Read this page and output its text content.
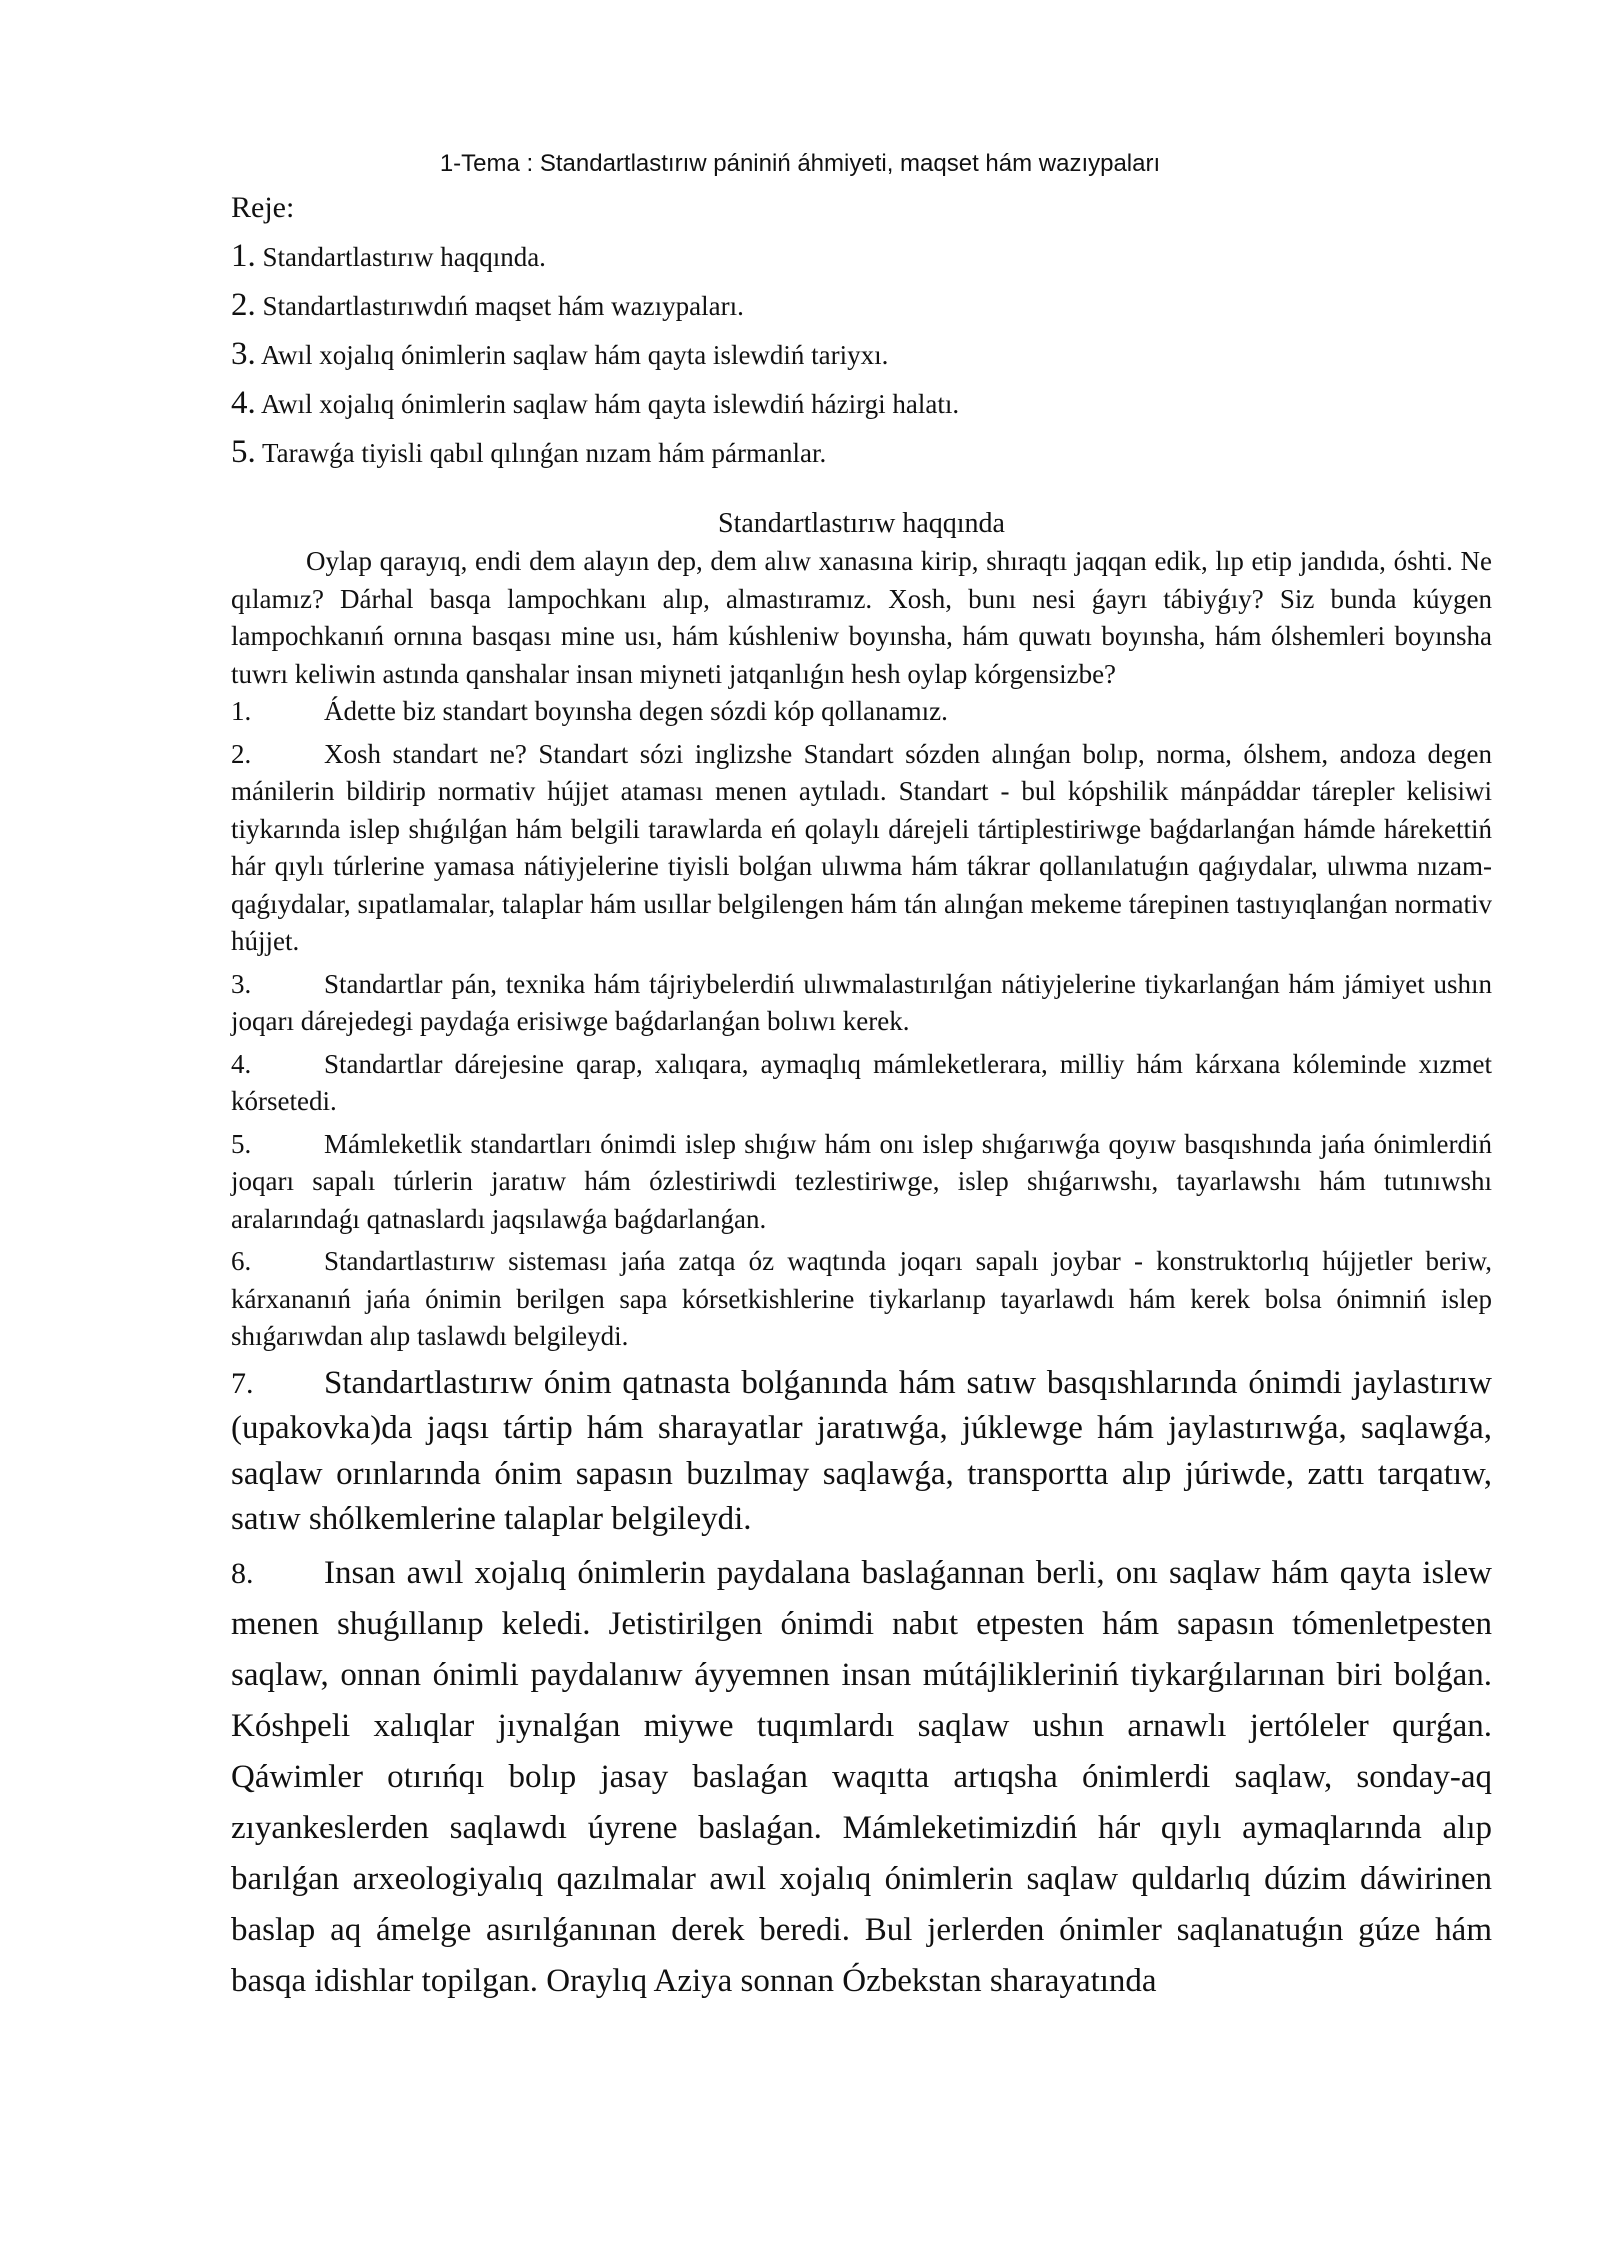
1-Tema : Standartlastırıw pániniń áhmiyeti, maqset hám wazıypaları
Reje:
1. Standartlastırıw haqqında.
2. Standartlastırıwdıń maqset hám wazıypaları.
3. Awıl xojalıq ónimlerin saqlaw hám qayta islewdiń tariyxı.
4. Awıl xojalıq ónimlerin saqlaw hám qayta islewdiń házirgi halatı.
5. Tarawǵa tiyisli qabıl qılınǵan nızam hám pármanlar.

Standartlastırıw haqqında

Oylap qarayıq, endi dem alayın dep, dem alıw xanasına kirip, shıraqtı jaqqan edik, lıp etip jandıda, óshti. Ne qılamız? Dárhal basqa lampochkanı alıp, almastıramız. Xosh, bunı nesi ǵayrı tábiyǵıy? Siz bunda kúygen lampochkanıń ornına basqası mine usı, hám kúshleniw boyınsha, hám quwatı boyınsha, hám ólshemleri boyınsha tuwrı keliwin astında qanshalar insan miyneti jatqanlıǵın hesh oylap kórgensizbe?

1.	Ádette biz standart boyınsha degen sózdi kóp qollanamız.

2.	Xosh standart ne? Standart sózi inglizshe Standart sózden alınǵan bolıp, norma, ólshem, andoza degen mánilerin bildirip normativ hújjet ataması menen aytıladı. Standart - bul kópshilik mánpáddar tárepler kelisiwi tiykarında islep shıǵılǵan hám belgili tarawlarda eń qolaylı dárejeli tártiplestiriwge baǵdarlanǵan hámde hárekettiń hár qıylı túrlerine yamasa nátiyjelerine tiyisli bolǵan ulıwma hám tákrar qollanılatuǵın qaǵıydalar, ulıwma nızam-qaǵıydalar, sıpatlamalar, talaplar hám usıllar belgilengen hám tán alınǵan mekeme tárepinen tastıyıqlanǵan normativ hújjet.

3.	Standartlar pán, texnika hám tájriybelerdiń ulıwmalastırılǵan nátiyjelerine tiykarlanǵan hám jámiyet ushın joqarı dárejedegi paydaǵa erisiwge baǵdarlanǵan bolıwı kerek.

4.	Standartlar dárejesine qarap, xalıqara, aymaqlıq mámleketlerara, milliy hám kárxana kóleminde xızmet kórsetedi.

5.	Mámleketlik standartları ónimdi islep shıǵıw hám onı islep shıǵarıwǵa qoyıw basqıshında jańa ónimlerdiń joqarı sapalı túrlerin jaratıw hám ózlestiriwdi tezlestiriwge, islep shıǵarıwshı, tayarlawshı hám tutınıwshı aralarındaǵı qatnaslardı jaqsılawǵa baǵdarlanǵan.

6.	Standartlastırıw sisteması jańa zatqa óz waqtında joqarı sapalı joybar - konstruktorlıq hújjetler beriw, kárxananıń jańa ónimin berilgen sapa kórsetkishlerine tiykarlanıp tayarlawdı hám kerek bolsa ónimniń islep shıǵarıwdan alıp taslawdı belgileydi.

7. Standartlastırıw ónim qatnasta bolǵanında hám satıw basqıshlarında ónimdi jaylastırıw (upakovka)da jaqsı tártip hám sharayatlar jaratıwǵa, júklewge hám jaylastırıwǵa, saqlawǵa, saqlaw orınlarında ónim sapasın buzılmay saqlawǵa, transportta alıp júriwde, zattı tarqatıw, satıw shólkemlerine talaplar belgileydi.

8. Insan awıl xojalıq ónimlerin paydalana baslaǵannan berli, onı saqlaw hám qayta islew menen shuǵıllanıp keledi. Jetistirilgen ónimdi nabıt etpesten hám sapasın tómenletpesten saqlaw, onnan ónimli paydalanıw áyyemnen insan mútájlikleriniń tiykarǵılarınan biri bolǵan. Kóshpeli xalıqlar jıynalǵan miywe tuqımlardı saqlaw ushın arnawlı jertóleler qurǵan. Qáwimler otırıńqı bolıp jasay baslaǵan waqıtta artıqsha ónimlerdi saqlaw, sonday-aq zıyankeslerden saqlawdı úyrene baslaǵan. Mámleketimizdiń hár qıylı aymaqlarında alıp barılǵan arxeologiyalıq qazılmalar awıl xojalıq ónimlerin saqlaw quldarlıq dúzim dáwirinen baslap aq ámelge asırılǵanınan derek beredi. Bul jerlerden ónimler saqlanatuǵın gúze hám basqa idishlar topilgan. Oraylıq Aziya sonnan Ózbekstan sharayatında
